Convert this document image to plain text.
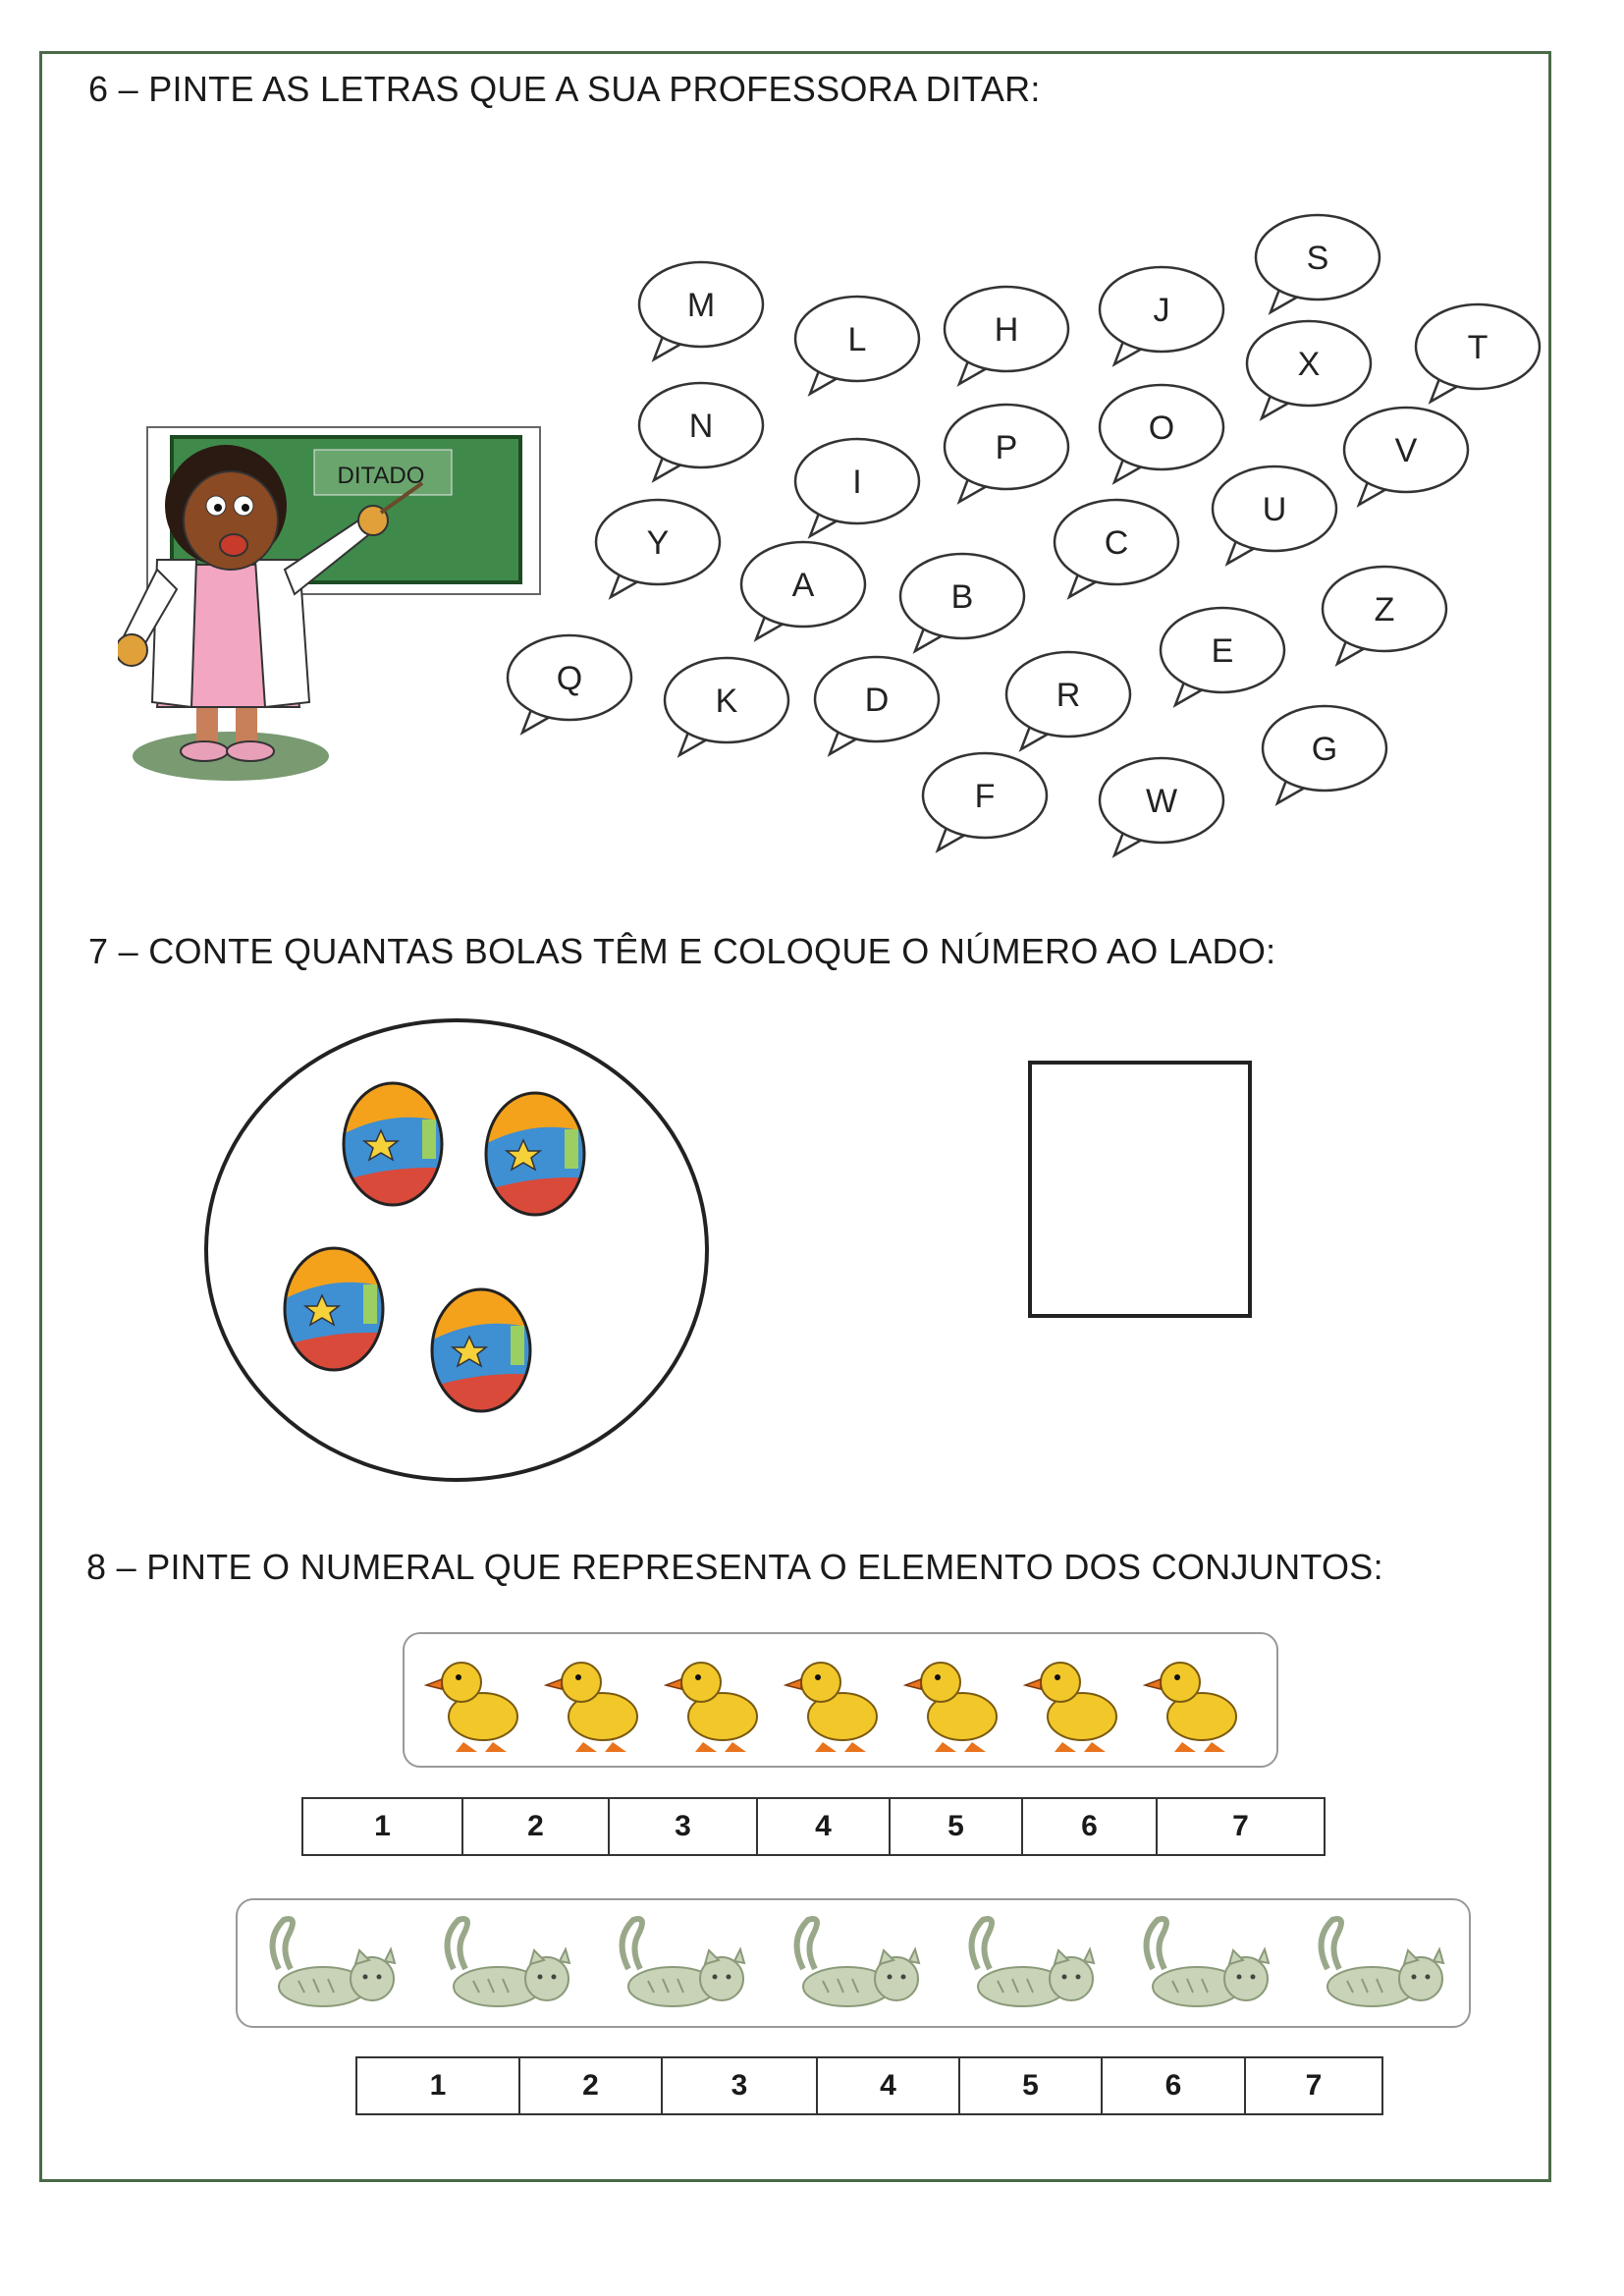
6 – PINTE AS LETRAS QUE A SUA PROFESSORA DITAR:
DITADO
M
L	H
J
S
T
X
N
P
O
V
I
U
Y	C
A	B	Z
E
Q
K	D	R
G
F	W
7 – CONTE QUANTAS BOLAS TÊM E COLOQUE O NÚMERO AO LADO:
8 – PINTE O NUMERAL QUE REPRESENTA O ELEMENTO DOS CONJUNTOS:
1	2	3	4	5	6	7
1	2	3	4	5	6	7
